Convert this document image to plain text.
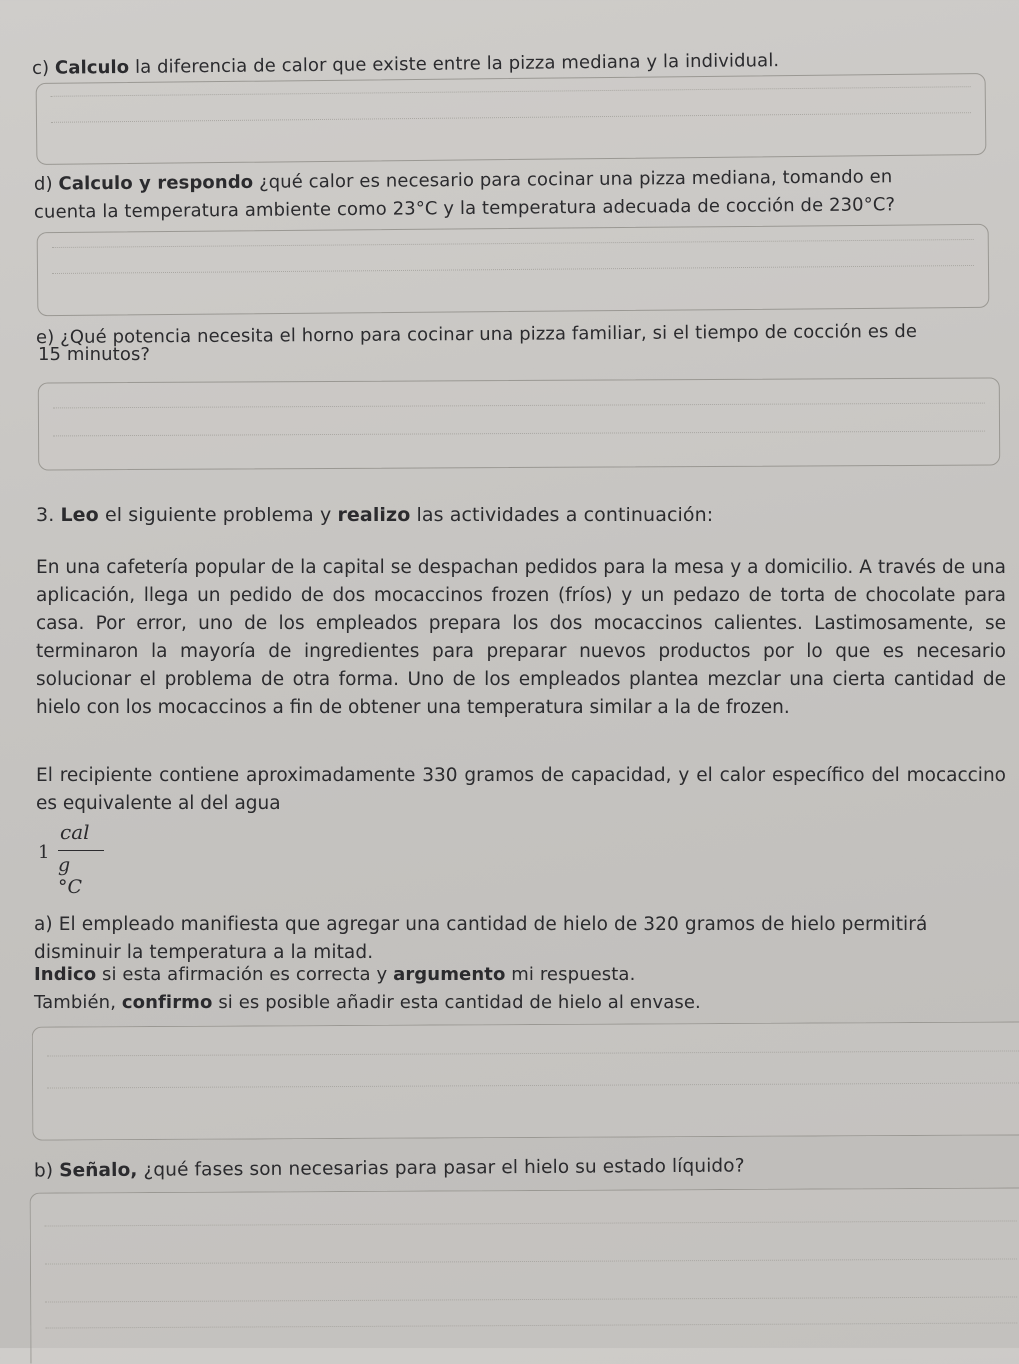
c) Calculo la diferencia de calor que existe entre la pizza mediana y la individual.
d) Calculo y respondo ¿qué calor es necesario para cocinar una pizza mediana, tomando en
cuenta la temperatura ambiente como 23°C y la temperatura adecuada de cocción de 230°C?
e) ¿Qué potencia necesita el horno para cocinar una pizza familiar, si el tiempo de cocción es de
15 minutos?
3. Leo el siguiente problema y realizo las actividades a continuación:
En una cafetería popular de la capital se despachan pedidos para la mesa y a domicilio. A través de una aplicación, llega un pedido de dos mocaccinos frozen (fríos) y un pedazo de torta de chocolate para casa. Por error, uno de los empleados prepara los dos mocaccinos calientes. Lastimosamente, se terminaron la mayoría de ingredientes para preparar nuevos productos por lo que es necesario solucionar el problema de otra forma. Uno de los empleados plantea mezclar una cierta cantidad de hielo con los mocaccinos a fin de obtener una temperatura similar a la de frozen.
El recipiente contiene aproximadamente 330 gramos de capacidad, y el calor específico del mocaccino es equivalente al del agua
1
cal
g °C
a) El empleado manifiesta que agregar una cantidad de hielo de 320 gramos de hielo permitirá
disminuir la temperatura a la mitad.
Indico si esta afirmación es correcta y argumento mi respuesta.
También, confirmo si es posible añadir esta cantidad de hielo al envase.
b) Señalo, ¿qué fases son necesarias para pasar el hielo su estado líquido?
